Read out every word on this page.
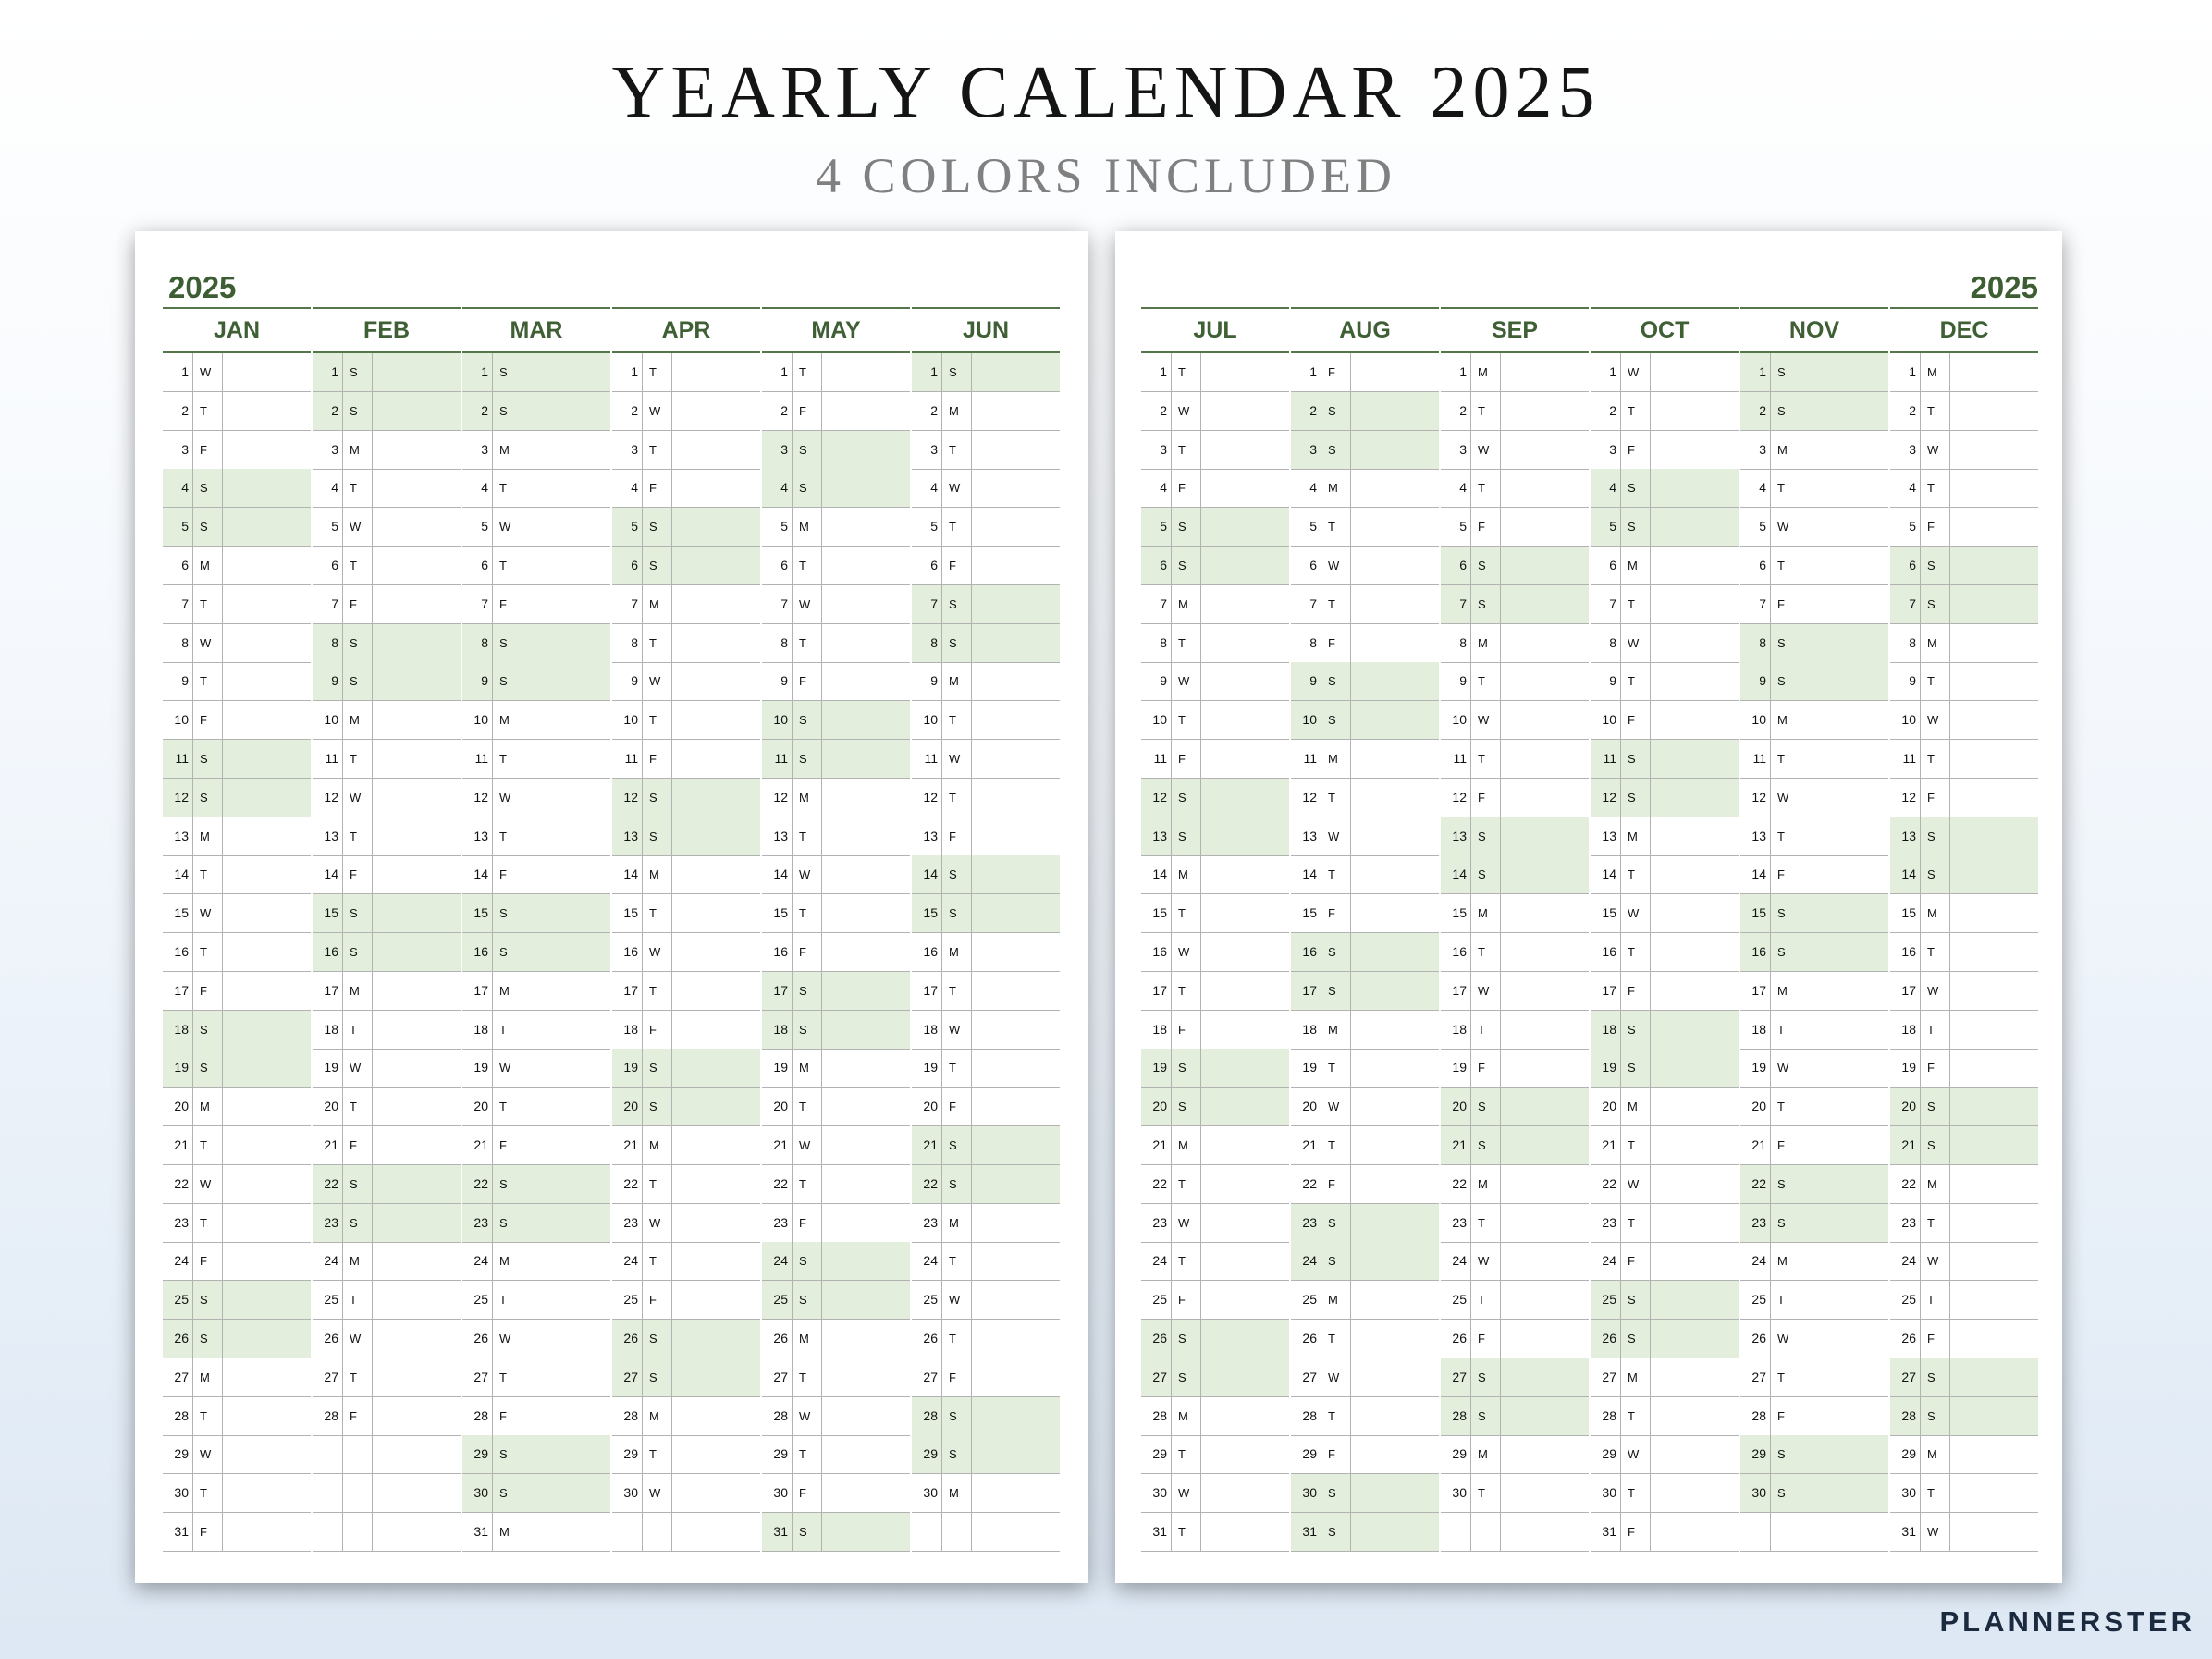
YEARLY CALENDAR 2025
4 COLORS INCLUDED
2025
JAN
1 W
2 T
3 F
4 S
5 S
6 M
7 T
8 W
9 T
10 F
11 S
12 S
13 M
14 T
15 W
16 T
17 F
18 S
19 S
20 M
21 T
22 W
23 T
24 F
25 S
26 S
27 M
28 T
29 W
30 T
31 F
FEB
1 S
2 S
3 M
4 T
5 W
6 T
7 F
8 S
9 S
10 M
11 T
12 W
13 T
14 F
15 S
16 S
17 M
18 T
19 W
20 T
21 F
22 S
23 S
24 M
25 T
26 W
27 T
28 F
MAR
1 S
2 S
3 M
4 T
5 W
6 T
7 F
8 S
9 S
10 M
11 T
12 W
13 T
14 F
15 S
16 S
17 M
18 T
19 W
20 T
21 F
22 S
23 S
24 M
25 T
26 W
27 T
28 F
29 S
30 S
31 M
APR
1 T
2 W
3 T
4 F
5 S
6 S
7 M
8 T
9 W
10 T
11 F
12 S
13 S
14 M
15 T
16 W
17 T
18 F
19 S
20 S
21 M
22 T
23 W
24 T
25 F
26 S
27 S
28 M
29 T
30 W
MAY
1 T
2 F
3 S
4 S
5 M
6 T
7 W
8 T
9 F
10 S
11 S
12 M
13 T
14 W
15 T
16 F
17 S
18 S
19 M
20 T
21 W
22 T
23 F
24 S
25 S
26 M
27 T
28 W
29 T
30 F
31 S
JUN
1 S
2 M
3 T
4 W
5 T
6 F
7 S
8 S
9 M
10 T
11 W
12 T
13 F
14 S
15 S
16 M
17 T
18 W
19 T
20 F
21 S
22 S
23 M
24 T
25 W
26 T
27 F
28 S
29 S
30 M
2025
JUL
1 T
2 W
3 T
4 F
5 S
6 S
7 M
8 T
9 W
10 T
11 F
12 S
13 S
14 M
15 T
16 W
17 T
18 F
19 S
20 S
21 M
22 T
23 W
24 T
25 F
26 S
27 S
28 M
29 T
30 W
31 T
AUG
1 F
2 S
3 S
4 M
5 T
6 W
7 T
8 F
9 S
10 S
11 M
12 T
13 W
14 T
15 F
16 S
17 S
18 M
19 T
20 W
21 T
22 F
23 S
24 S
25 M
26 T
27 W
28 T
29 F
30 S
31 S
SEP
1 M
2 T
3 W
4 T
5 F
6 S
7 S
8 M
9 T
10 W
11 T
12 F
13 S
14 S
15 M
16 T
17 W
18 T
19 F
20 S
21 S
22 M
23 T
24 W
25 T
26 F
27 S
28 S
29 M
30 T
OCT
1 W
2 T
3 F
4 S
5 S
6 M
7 T
8 W
9 T
10 F
11 S
12 S
13 M
14 T
15 W
16 T
17 F
18 S
19 S
20 M
21 T
22 W
23 T
24 F
25 S
26 S
27 M
28 T
29 W
30 T
31 F
NOV
1 S
2 S
3 M
4 T
5 W
6 T
7 F
8 S
9 S
10 M
11 T
12 W
13 T
14 F
15 S
16 S
17 M
18 T
19 W
20 T
21 F
22 S
23 S
24 M
25 T
26 W
27 T
28 F
29 S
30 S
DEC
1 M
2 T
3 W
4 T
5 F
6 S
7 S
8 M
9 T
10 W
11 T
12 F
13 S
14 S
15 M
16 T
17 W
18 T
19 F
20 S
21 S
22 M
23 T
24 W
25 T
26 F
27 S
28 S
29 M
30 T
31 W
PLANNERSTER
